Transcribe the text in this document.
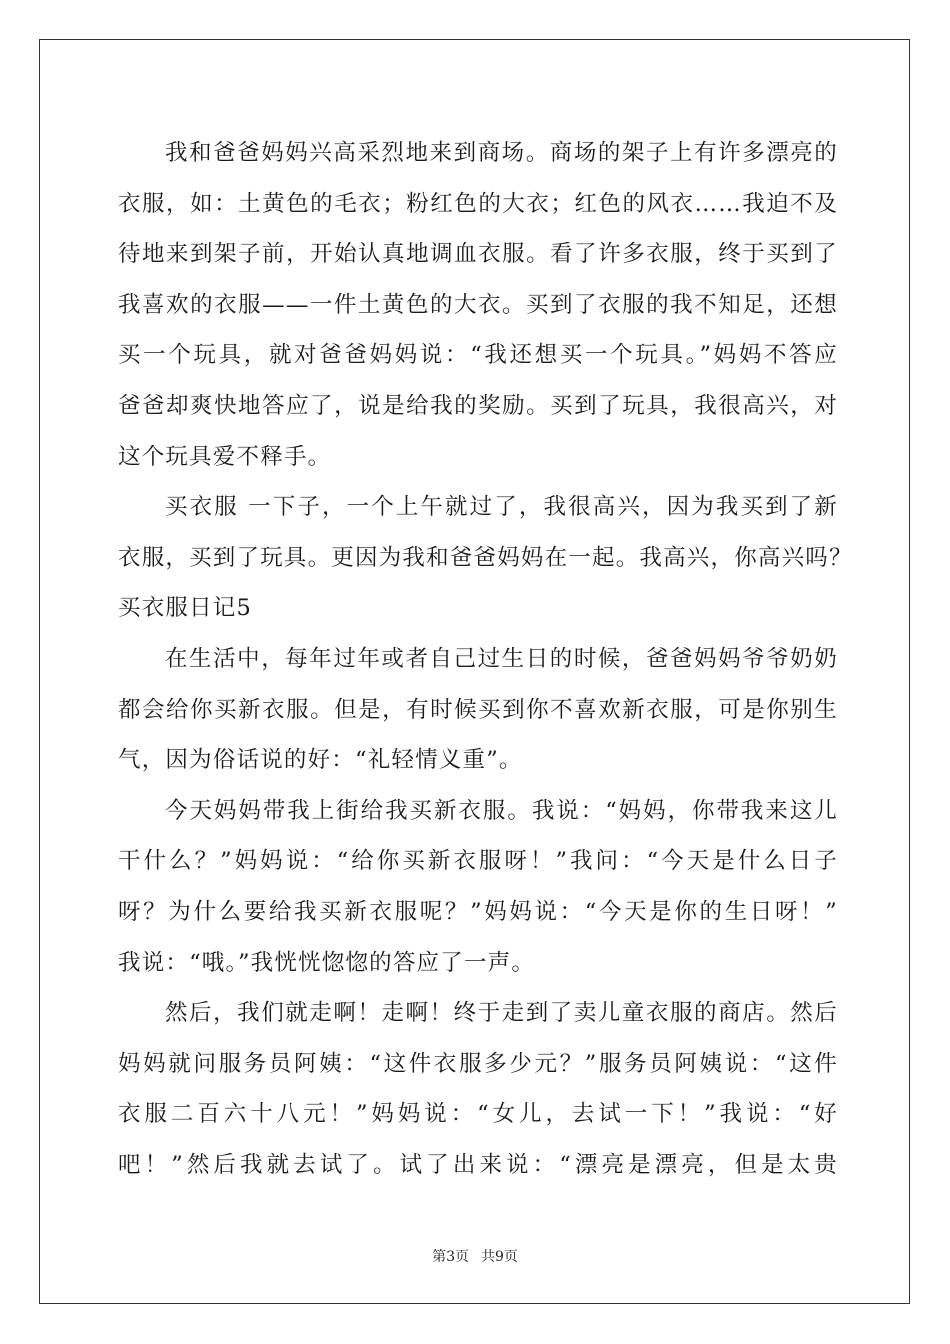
我和爸爸妈妈兴高采烈地来到商场。商场的架子上有许多漂亮的
衣服，如：土黄色的毛衣；粉红色的大衣；红色的风衣……我迫不及
待地来到架子前，开始认真地调血衣服。看了许多衣服，终于买到了
我喜欢的衣服——一件土黄色的大衣。买到了衣服的我不知足，还想
买一个玩具，就对爸爸妈妈说：“我还想买一个玩具。”妈妈不答应
爸爸却爽快地答应了，说是给我的奖励。买到了玩具，我很高兴，对
这个玩具爱不释手。
买衣服 一下子，一个上午就过了，我很高兴，因为我买到了新
衣服，买到了玩具。更因为我和爸爸妈妈在一起。我高兴，你高兴吗？
买衣服日记5
在生活中，每年过年或者自己过生日的时候，爸爸妈妈爷爷奶奶
都会给你买新衣服。但是，有时候买到你不喜欢新衣服，可是你别生
气，因为俗话说的好：“礼轻情义重”。
今天妈妈带我上街给我买新衣服。我说：“妈妈，你带我来这儿
干什么？”妈妈说：“给你买新衣服呀！”我问：“今天是什么日子
呀？为什么要给我买新衣服呢？”妈妈说：“今天是你的生日呀！”
我说：“哦。”我恍恍惚惚的答应了一声。
然后，我们就走啊！走啊！终于走到了卖儿童衣服的商店。然后
妈妈就问服务员阿姨：“这件衣服多少元？”服务员阿姨说：“这件
衣服二百六十八元！”妈妈说：“女儿，去试一下！”我说：“好
吧！”然后我就去试了。试了出来说：“漂亮是漂亮，但是太贵
第3页 共9页
